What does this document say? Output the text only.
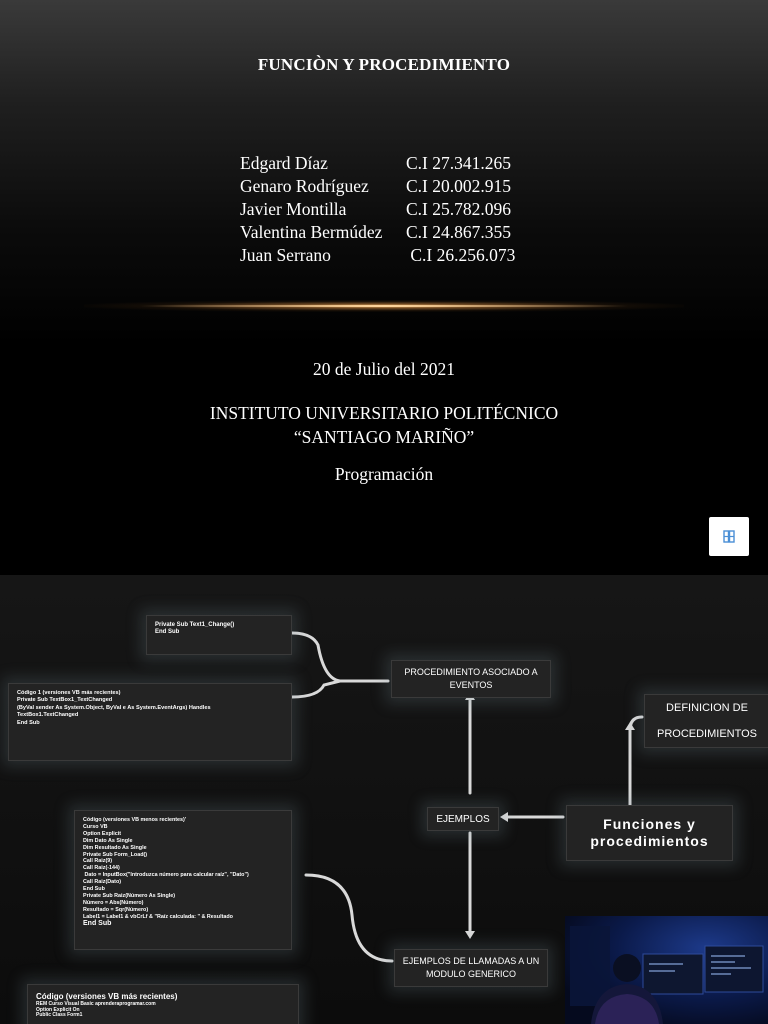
FUNCIÒN Y PROCEDIMIENTO
Edgard Díaz	C.I 27.341.265
Genaro Rodríguez	C.I 20.002.915
Javier Montilla	C.I 25.782.096
Valentina Bermúdez	C.I 24.867.355
Juan Serrano	C.I 26.256.073
20 de Julio del 2021
INSTITUTO UNIVERSITARIO POLITÉCNICO
“SANTIAGO MARIÑO”
Programación
Private Sub Text1_Change()
End Sub
Código 1 (versiones VB más recientes)
Private Sub TextBox1_TextChanged
(ByVal sender As System.Object, ByVal e As System.EventArgs) Handles
TextBox1.TextChanged
End Sub
Código (versiones VB menos recientes)'
Curso VB
Option Explicit
Dim Dato As Single
Dim Resultado As Single
Private Sub Form_Load()
Call Raiz(9)
Call Raiz(-144)
Dato = InputBox("Introduzca número para calcular raíz", "Dato")
Call Raiz(Dato)
End Sub
Private Sub Raiz(Número As Single)
Número = Abs(Número)
Resultado = Sqr(Número)
Label1 = Label1 & vbCrLf & "Raíz calculada: " & Resultado
End Sub
Código (versiones VB más recientes)
REM Curso Visual Basic aprenderaprogramar.com
Option Explicit On
Public Class Form1
PROCEDIMIENTO ASOCIADO A EVENTOS
DEFINICION DE PROCEDIMIENTOS
EJEMPLOS	Funciones y procedimientos
EJEMPLOS DE LLAMADAS A UN MODULO GENERICO
